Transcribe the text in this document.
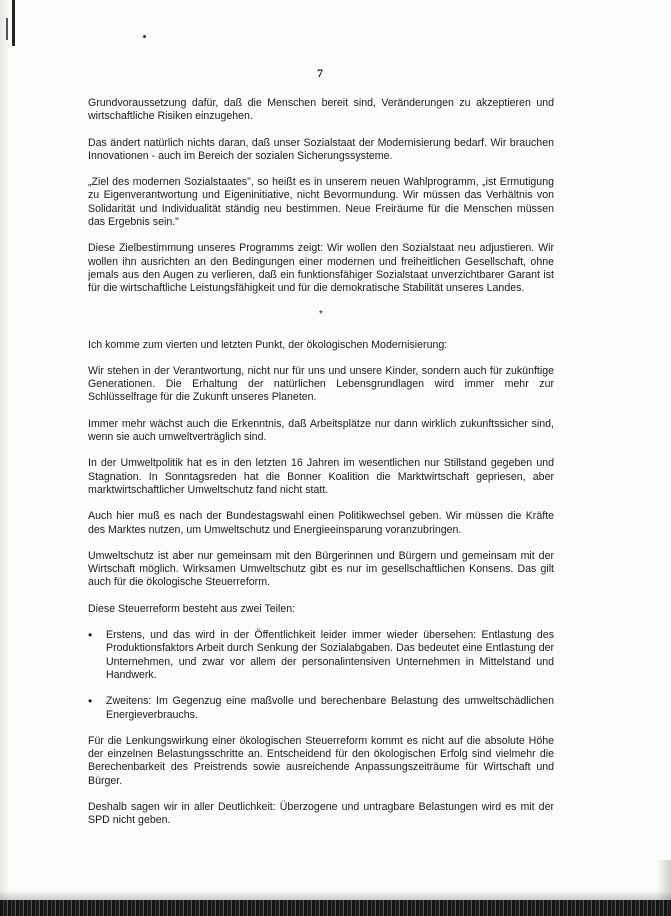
7

Grundvoraussetzung dafür, daß die Menschen bereit sind, Veränderungen zu akzeptieren und wirtschaftliche Risiken einzugehen.

Das ändert natürlich nichts daran, daß unser Sozialstaat der Modernisierung bedarf. Wir brauchen Innovationen - auch im Bereich der sozialen Sicherungssysteme.

„Ziel des modernen Sozialstaates", so heißt es in unserem neuen Wahlprogramm, „ist Ermutigung zu Eigenverantwortung und Eigeninitiative, nicht Bevormundung. Wir müssen das Verhältnis von Solidarität und Individualität ständig neu bestimmen. Neue Freiräume für die Menschen müssen das Ergebnis sein."

Diese Zielbestimmung unseres Programms zeigt: Wir wollen den Sozialstaat neu adjustieren. Wir wollen ihn ausrichten an den Bedingungen einer modernen und freiheitlichen Gesellschaft, ohne jemals aus den Augen zu verlieren, daß ein funktionsfähiger Sozialstaat unverzichtbarer Garant ist für die wirtschaftliche Leistungsfähigkeit und für die demokratische Stabilität unseres Landes.

*

Ich komme zum vierten und letzten Punkt, der ökologischen Modernisierung:

Wir stehen in der Verantwortung, nicht nur für uns und unsere Kinder, sondern auch für zukünftige Generationen. Die Erhaltung der natürlichen Lebensgrundlagen wird immer mehr zur Schlüsselfrage für die Zukunft unseres Planeten.

Immer mehr wächst auch die Erkenntnis, daß Arbeitsplätze nur dann wirklich zukunftssicher sind, wenn sie auch umweltverträglich sind.

In der Umweltpolitik hat es in den letzten 16 Jahren im wesentlichen nur Stillstand gegeben und Stagnation. In Sonntagsreden hat die Bonner Koalition die Marktwirtschaft gepriesen, aber marktwirtschaftlicher Umweltschutz fand nicht statt.

Auch hier muß es nach der Bundestagswahl einen Politikwechsel geben. Wir müssen die Kräfte des Marktes nutzen, um Umweltschutz und Energieeinsparung voranzubringen.

Umweltschutz ist aber nur gemeinsam mit den Bürgerinnen und Bürgern und gemeinsam mit der Wirtschaft möglich. Wirksamen Umweltschutz gibt es nur im gesellschaftlichen Konsens. Das gilt auch für die ökologische Steuerreform.

Diese Steuerreform besteht aus zwei Teilen:

• Erstens, und das wird in der Öffentlichkeit leider immer wieder übersehen: Entlastung des Produktionsfaktors Arbeit durch Senkung der Sozialabgaben. Das bedeutet eine Entlastung der Unternehmen, und zwar vor allem der personalintensiven Unternehmen in Mittelstand und Handwerk.
• Zweitens: Im Gegenzug eine maßvolle und berechenbare Belastung des umweltschädlichen Energieverbrauchs.

Für die Lenkungswirkung einer ökologischen Steuerreform kommt es nicht auf die absolute Höhe der einzelnen Belastungsschritte an. Entscheidend für den ökologischen Erfolg sind vielmehr die Berechenbarkeit des Preistrends sowie ausreichende Anpassungszeiträume für Wirtschaft und Bürger.

Deshalb sagen wir in aller Deutlichkeit: Überzogene und untragbare Belastungen wird es mit der SPD nicht geben.
